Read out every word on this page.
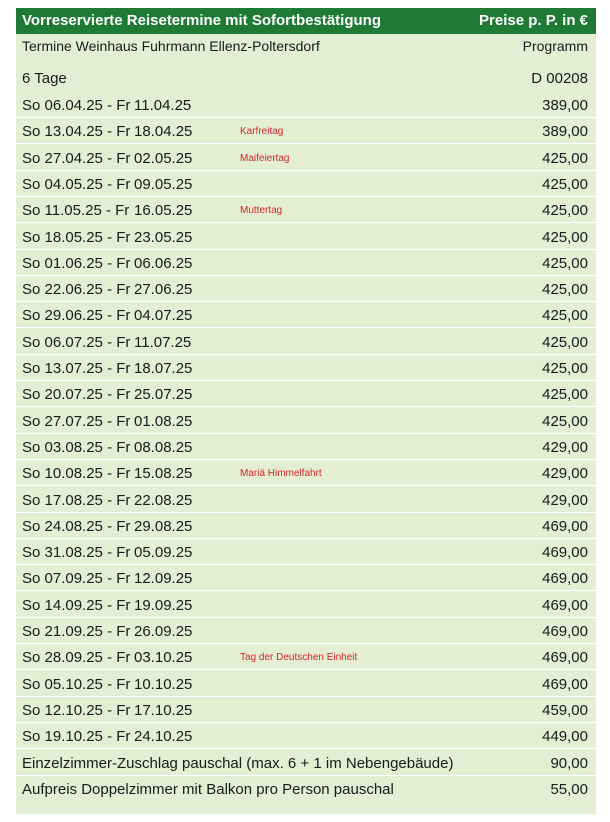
Vorreservierte Reisetermine mit Sofortbestätigung	Preise p. P. in €
Termine Weinhaus Fuhrmann Ellenz-Poltersdorf	Programm
6 Tage	D 00208
So 06.04.25 - Fr 11.04.25	389,00
So 13.04.25 - Fr 18.04.25	Karfreitag	389,00
So 27.04.25 - Fr 02.05.25	Maifeiertag	425,00
So 04.05.25 - Fr 09.05.25	425,00
So 11.05.25 - Fr 16.05.25	Muttertag	425,00
So 18.05.25 - Fr 23.05.25	425,00
So 01.06.25 - Fr 06.06.25	425,00
So 22.06.25 - Fr 27.06.25	425,00
So 29.06.25 - Fr 04.07.25	425,00
So 06.07.25 - Fr 11.07.25	425,00
So 13.07.25 - Fr 18.07.25	425,00
So 20.07.25 - Fr 25.07.25	425,00
So 27.07.25 - Fr 01.08.25	425,00
So 03.08.25 - Fr 08.08.25	429,00
So 10.08.25 - Fr 15.08.25	Mariä Himmelfahrt	429,00
So 17.08.25 - Fr 22.08.25	429,00
So 24.08.25 - Fr 29.08.25	469,00
So 31.08.25 - Fr 05.09.25	469,00
So 07.09.25 - Fr 12.09.25	469,00
So 14.09.25 - Fr 19.09.25	469,00
So 21.09.25 - Fr 26.09.25	469,00
So 28.09.25 - Fr 03.10.25	Tag der Deutschen Einheit	469,00
So 05.10.25 - Fr 10.10.25	469,00
So 12.10.25 - Fr 17.10.25	459,00
So 19.10.25 - Fr 24.10.25	449,00
Einzelzimmer-Zuschlag pauschal (max. 6 + 1 im Nebengebäude)	90,00
Aufpreis Doppelzimmer mit Balkon pro Person pauschal	55,00
